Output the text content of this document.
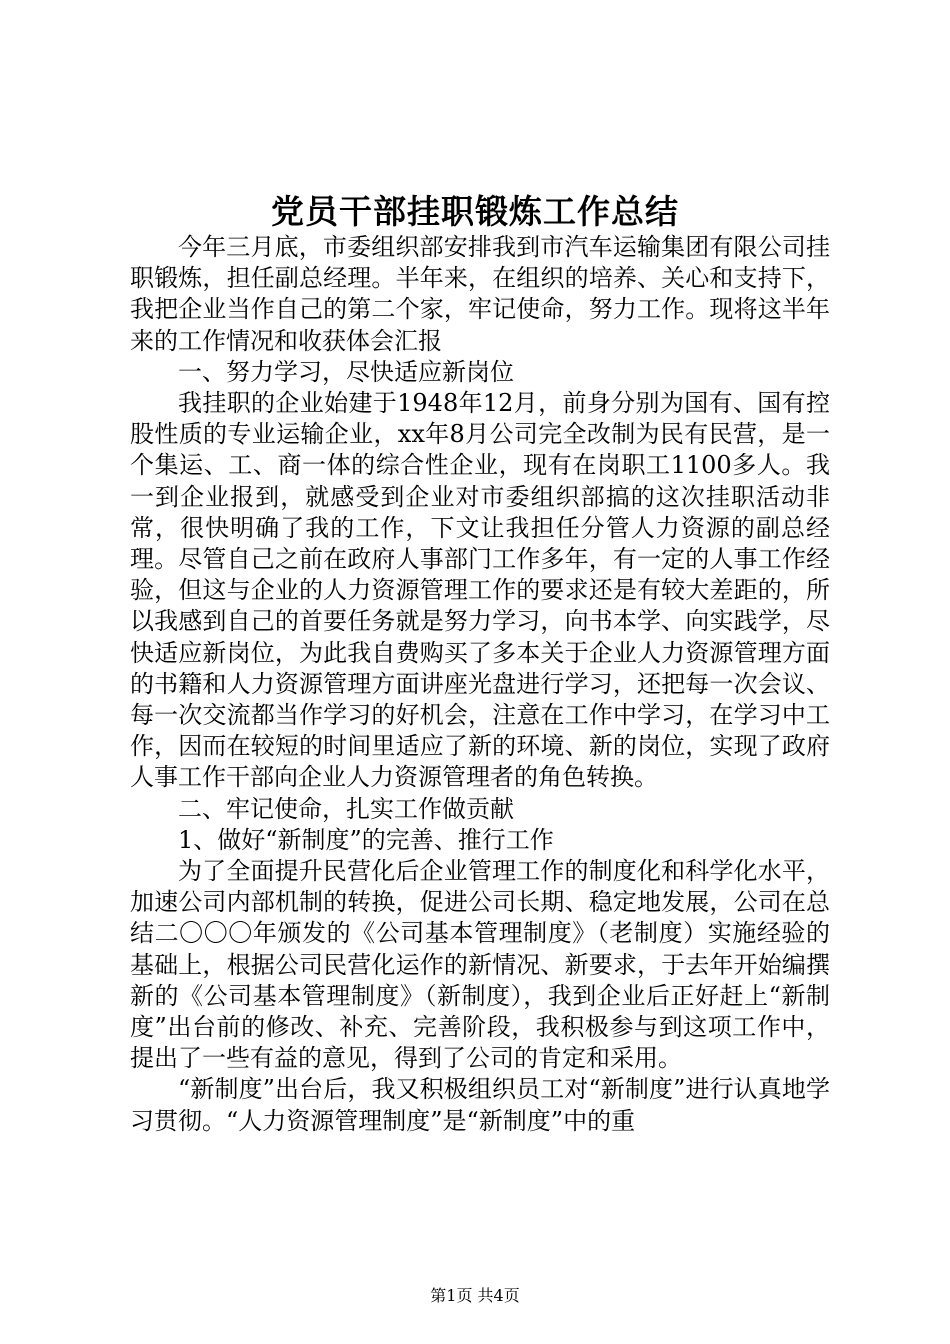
党员干部挂职锻炼工作总结

今年三月底，市委组织部安排我到市汽车运输集团有限公司挂职锻炼，担任副总经理。半年来，在组织的培养、关心和支持下，我把企业当作自己的第二个家，牢记使命，努力工作。现将这半年来的工作情况和收获体会汇报

一、努力学习，尽快适应新岗位

我挂职的企业始建于1948年12月，前身分别为国有、国有控股性质的专业运输企业，xx年8月公司完全改制为民有民营，是一个集运、工、商一体的综合性企业，现有在岗职工1100多人。我一到企业报到，就感受到企业对市委组织部搞的这次挂职活动非常，很快明确了我的工作，下文让我担任分管人力资源的副总经理。尽管自己之前在政府人事部门工作多年，有一定的人事工作经验，但这与企业的人力资源管理工作的要求还是有较大差距的，所以我感到自己的首要任务就是努力学习，向书本学、向实践学，尽快适应新岗位，为此我自费购买了多本关于企业人力资源管理方面的书籍和人力资源管理方面讲座光盘进行学习，还把每一次会议、每一次交流都当作学习的好机会，注意在工作中学习，在学习中工作，因而在较短的时间里适应了新的环境、新的岗位，实现了政府人事工作干部向企业人力资源管理者的角色转换。

二、牢记使命，扎实工作做贡献

1、做好“新制度”的完善、推行工作

为了全面提升民营化后企业管理工作的制度化和科学化水平，加速公司内部机制的转换，促进公司长期、稳定地发展，公司在总结二〇〇〇年颁发的《公司基本管理制度》（老制度）实施经验的基础上，根据公司民营化运作的新情况、新要求，于去年开始编撰新的《公司基本管理制度》（新制度），我到企业后正好赶上“新制度”出台前的修改、补充、完善阶段，我积极参与到这项工作中，提出了一些有益的意见，得到了公司的肯定和采用。

“新制度”出台后，我又积极组织员工对“新制度”进行认真地学习贯彻。“人力资源管理制度”是“新制度”中的重

第1页 共4页
